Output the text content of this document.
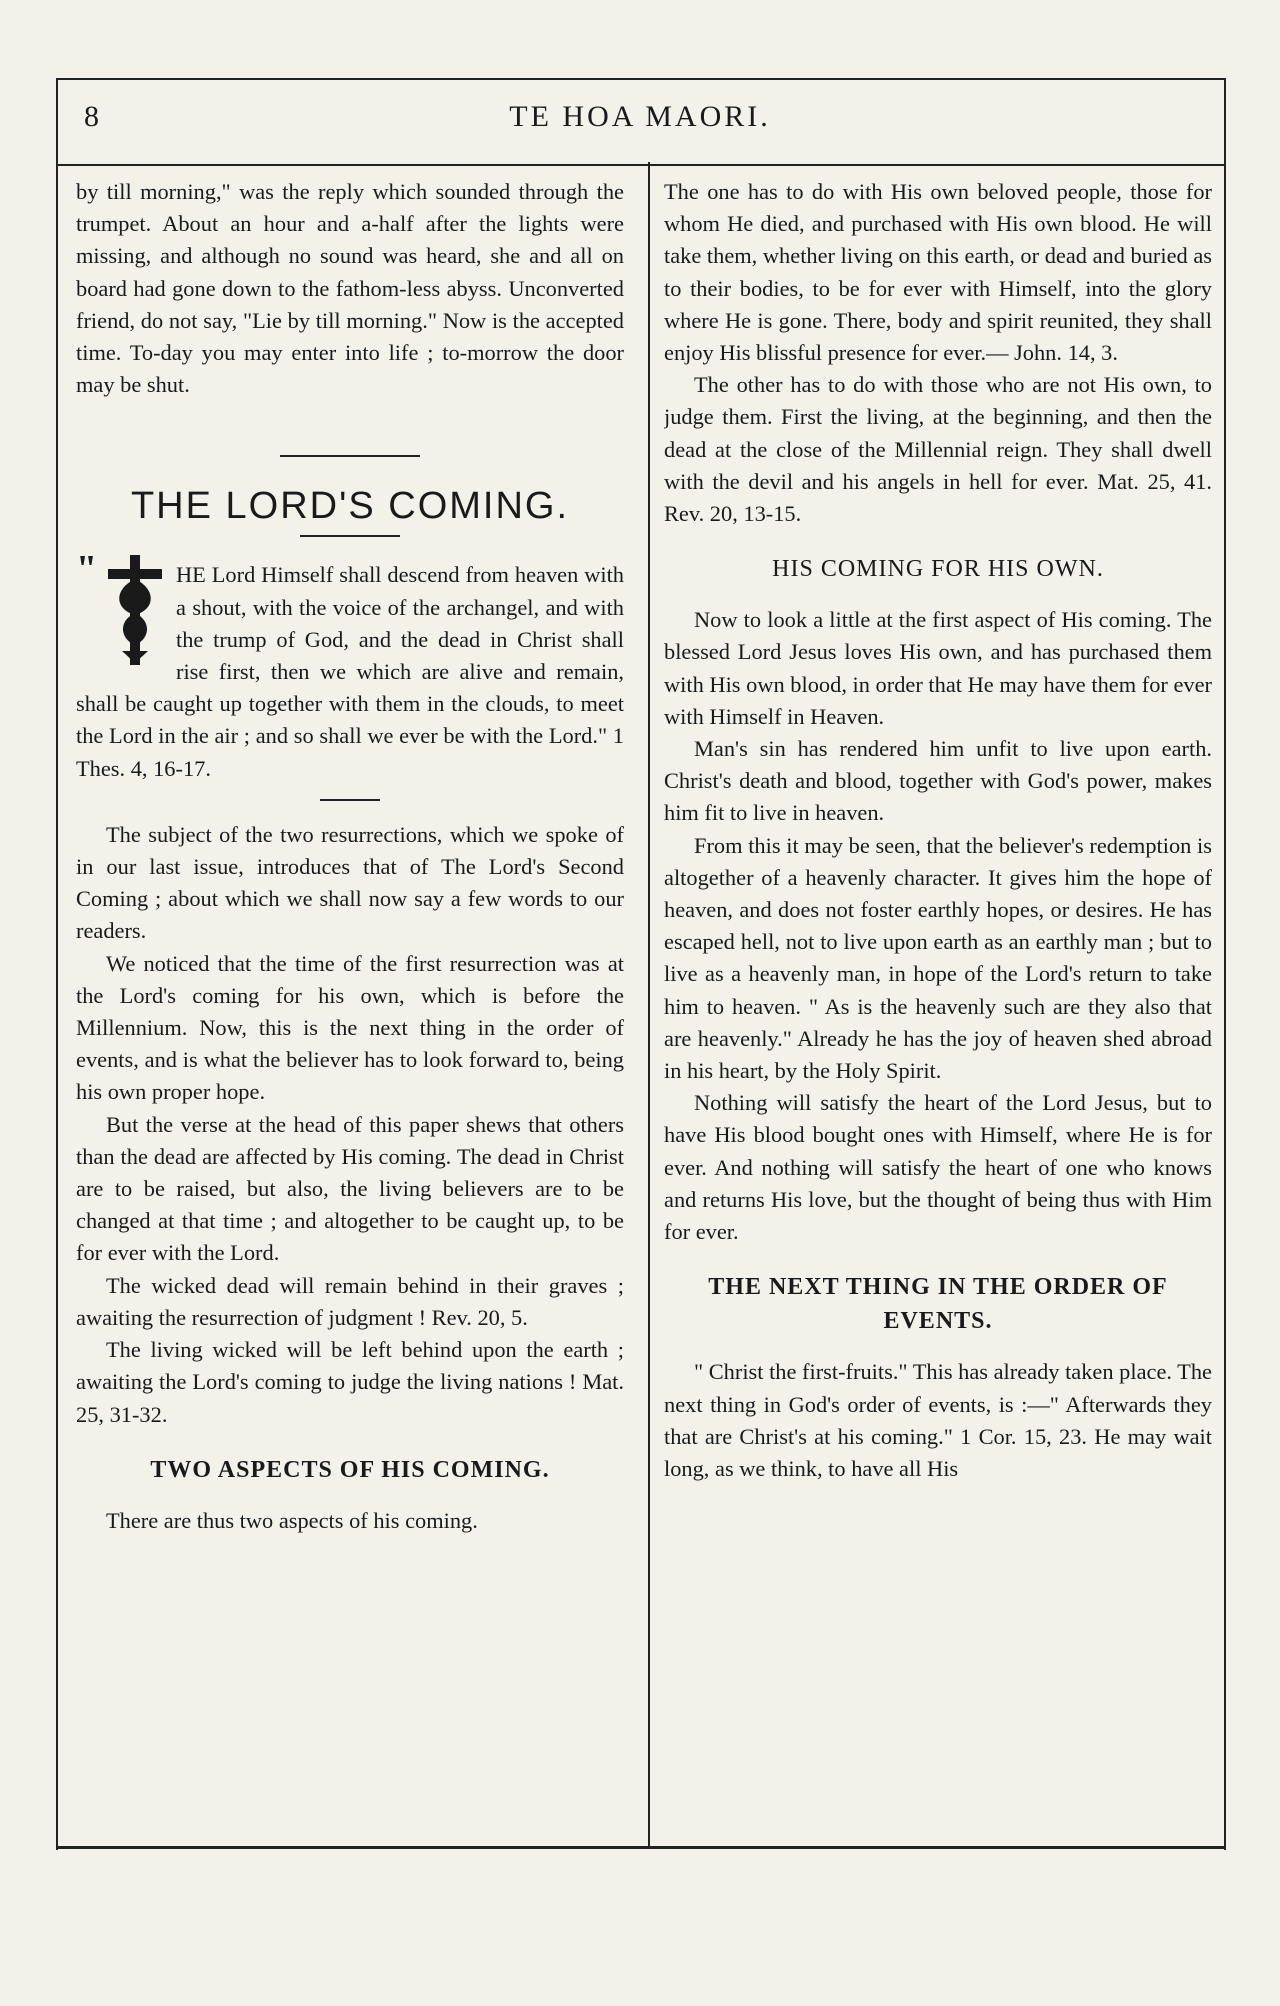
8	TE HOA MAORI.

by till morning," was the reply which sounded through the trumpet. About an hour and a-half after the lights were missing, and although no sound was heard, she and all on board had gone down to the fathom-less abyss. Unconverted friend, do not say, "Lie by till morning." Now is the accepted time. To-day you may enter into life ; to-morrow the door may be shut.

THE LORD'S COMING.
"	HE Lord Himself shall descend from heaven with a shout, with the voice of the archangel, and with the trump of God, and the dead in Christ shall rise first, then we which are alive and remain, shall be caught up together with them in the clouds, to meet the Lord in the air ; and so shall we ever be with the Lord." 1 Thes. 4, 16-17.

The subject of the two resurrections, which we spoke of in our last issue, introduces that of The Lord's Second Coming ; about which we shall now say a few words to our readers.

We noticed that the time of the first resurrection was at the Lord's coming for his own, which is before the Millennium. Now, this is the next thing in the order of events, and is what the believer has to look forward to, being his own proper hope.

But the verse at the head of this paper shews that others than the dead are affected by His coming. The dead in Christ are to be raised, but also, the living believers are to be changed at that time ; and altogether to be caught up, to be for ever with the Lord.

The wicked dead will remain behind in their graves ; awaiting the resurrection of judgment ! Rev. 20, 5.

The living wicked will be left behind upon the earth ; awaiting the Lord's coming to judge the living nations ! Mat. 25, 31-32.

TWO ASPECTS OF HIS COMING.

There are thus two aspects of his coming.

The one has to do with His own beloved people, those for whom He died, and purchased with His own blood. He will take them, whether living on this earth, or dead and buried as to their bodies, to be for ever with Himself, into the glory where He is gone. There, body and spirit reunited, they shall enjoy His blissful presence for ever.— John. 14, 3.

The other has to do with those who are not His own, to judge them. First the living, at the beginning, and then the dead at the close of the Millennial reign. They shall dwell with the devil and his angels in hell for ever. Mat. 25, 41. Rev. 20, 13-15.

HIS COMING FOR HIS OWN.

Now to look a little at the first aspect of His coming. The blessed Lord Jesus loves His own, and has purchased them with His own blood, in order that He may have them for ever with Himself in Heaven.

Man's sin has rendered him unfit to live upon earth. Christ's death and blood, together with God's power, makes him fit to live in heaven.

From this it may be seen, that the believer's redemption is altogether of a heavenly character. It gives him the hope of heaven, and does not foster earthly hopes, or desires. He has escaped hell, not to live upon earth as an earthly man ; but to live as a heavenly man, in hope of the Lord's return to take him to heaven. " As is the heavenly such are they also that are heavenly." Already he has the joy of heaven shed abroad in his heart, by the Holy Spirit.

Nothing will satisfy the heart of the Lord Jesus, but to have His blood bought ones with Himself, where He is for ever. And nothing will satisfy the heart of one who knows and returns His love, but the thought of being thus with Him for ever.

THE NEXT THING IN THE ORDER OF EVENTS.

" Christ the first-fruits." This has already taken place. The next thing in God's order of events, is :—" Afterwards they that are Christ's at his coming." 1 Cor. 15, 23. He may wait long, as we think, to have all His
